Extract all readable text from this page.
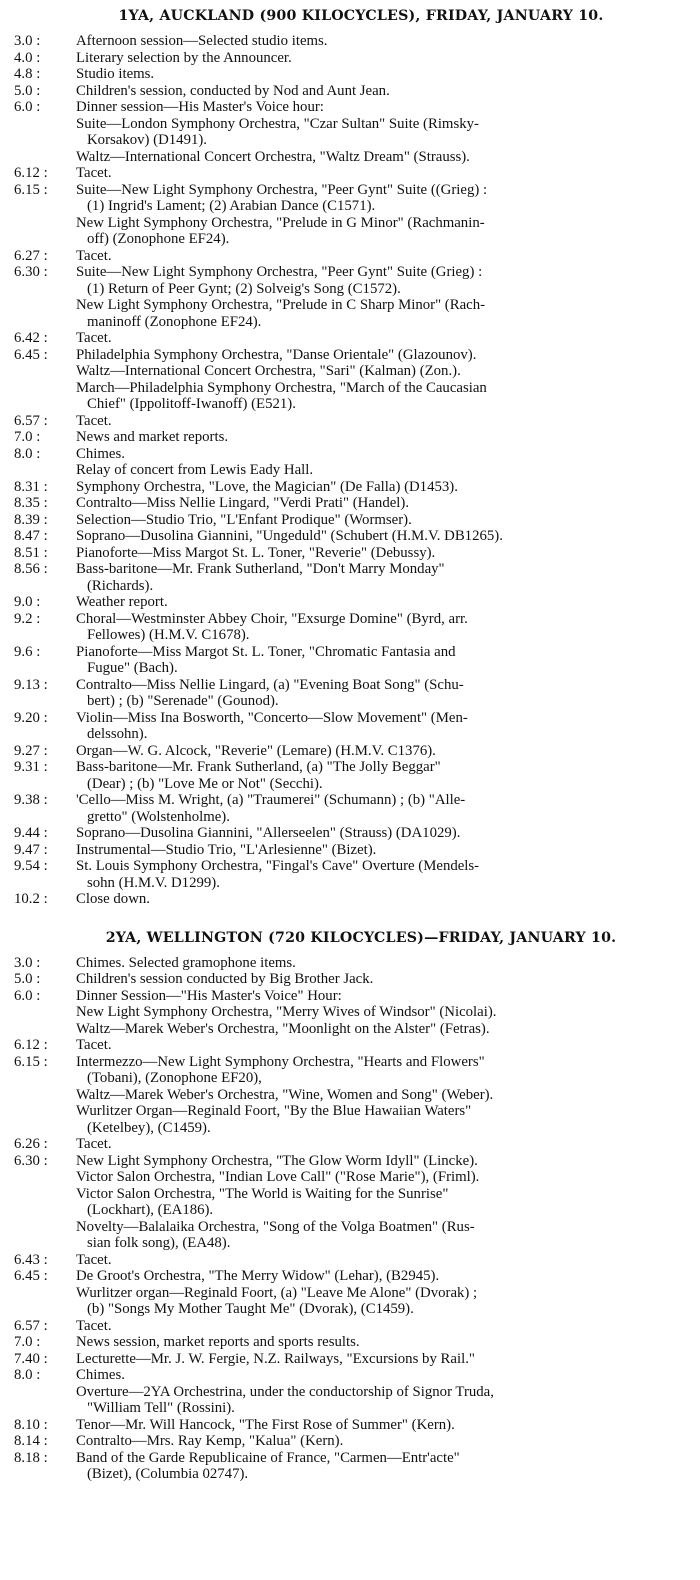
1YA, AUCKLAND (900 KILOCYCLES), FRIDAY, JANUARY 10.
3.0 :	Afternoon session—Selected studio items.
4.0 :	Literary selection by the Announcer.
4.8 :	Studio items.
5.0 :	Children's session, conducted by Nod and Aunt Jean.
6.0 :	Dinner session—His Master's Voice hour:
Suite—London Symphony Orchestra, "Czar Sultan" Suite (Rimsky-
Korsakov) (D1491).
Waltz—International Concert Orchestra, "Waltz Dream" (Strauss).
6.12 :	Tacet.
6.15 :	Suite—New Light Symphony Orchestra, "Peer Gynt" Suite ((Grieg) :
(1) Ingrid's Lament; (2) Arabian Dance (C1571).
New Light Symphony Orchestra, "Prelude in G Minor" (Rachmanin-
off) (Zonophone EF24).
6.27 :	Tacet.
6.30 :	Suite—New Light Symphony Orchestra, "Peer Gynt" Suite (Grieg) :
(1) Return of Peer Gynt; (2) Solveig's Song (C1572).
New Light Symphony Orchestra, "Prelude in C Sharp Minor" (Rach-
maninoff (Zonophone EF24).
6.42 :	Tacet.
6.45 :	Philadelphia Symphony Orchestra, "Danse Orientale" (Glazounov).
Waltz—International Concert Orchestra, "Sari" (Kalman) (Zon.).
March—Philadelphia Symphony Orchestra, "March of the Caucasian
Chief" (Ippolitoff-Iwanoff) (E521).
6.57 :	Tacet.
7.0 :	News and market reports.
8.0 :	Chimes.
Relay of concert from Lewis Eady Hall.
8.31 :	Symphony Orchestra, "Love, the Magician" (De Falla) (D1453).
8.35 :	Contralto—Miss Nellie Lingard, "Verdi Prati" (Handel).
8.39 :	Selection—Studio Trio, "L'Enfant Prodique" (Wormser).
8.47 :	Soprano—Dusolina Giannini, "Ungeduld" (Schubert (H.M.V. DB1265).
8.51 :	Pianoforte—Miss Margot St. L. Toner, "Reverie" (Debussy).
8.56 :	Bass-baritone—Mr. Frank Sutherland, "Don't Marry Monday"
(Richards).
9.0 :	Weather report.
9.2 :	Choral—Westminster Abbey Choir, "Exsurge Domine" (Byrd, arr.
Fellowes) (H.M.V. C1678).
9.6 :	Pianoforte—Miss Margot St. L. Toner, "Chromatic Fantasia and
Fugue" (Bach).
9.13 :	Contralto—Miss Nellie Lingard, (a) "Evening Boat Song" (Schu-
bert) ; (b) "Serenade" (Gounod).
9.20 :	Violin—Miss Ina Bosworth, "Concerto—Slow Movement" (Men-
delssohn).
9.27 :	Organ—W. G. Alcock, "Reverie" (Lemare) (H.M.V. C1376).
9.31 :	Bass-baritone—Mr. Frank Sutherland, (a) "The Jolly Beggar"
(Dear) ; (b) "Love Me or Not" (Secchi).
9.38 :	'Cello—Miss M. Wright, (a) "Traumerei" (Schumann) ; (b) "Alle-
gretto" (Wolstenholme).
9.44 :	Soprano—Dusolina Giannini, "Allerseelen" (Strauss) (DA1029).
9.47 :	Instrumental—Studio Trio, "L'Arlesienne" (Bizet).
9.54 :	St. Louis Symphony Orchestra, "Fingal's Cave" Overture (Mendels-
sohn (H.M.V. D1299).
10.2 :	Close down.
2YA, WELLINGTON (720 KILOCYCLES)—FRIDAY, JANUARY 10.
3.0 :	Chimes. Selected gramophone items.
5.0 :	Children's session conducted by Big Brother Jack.
6.0 :	Dinner Session—"His Master's Voice" Hour:
New Light Symphony Orchestra, "Merry Wives of Windsor" (Nicolai).
Waltz—Marek Weber's Orchestra, "Moonlight on the Alster" (Fetras).
6.12 :	Tacet.
6.15 :	Intermezzo—New Light Symphony Orchestra, "Hearts and Flowers"
(Tobani), (Zonophone EF20),
Waltz—Marek Weber's Orchestra, "Wine, Women and Song" (Weber).
Wurlitzer Organ—Reginald Foort, "By the Blue Hawaiian Waters"
(Ketelbey), (C1459).
6.26 :	Tacet.
6.30 :	New Light Symphony Orchestra, "The Glow Worm Idyll" (Lincke).
Victor Salon Orchestra, "Indian Love Call" ("Rose Marie"), (Friml).
Victor Salon Orchestra, "The World is Waiting for the Sunrise"
(Lockhart), (EA186).
Novelty—Balalaika Orchestra, "Song of the Volga Boatmen" (Rus-
sian folk song), (EA48).
6.43 :	Tacet.
6.45 :	De Groot's Orchestra, "The Merry Widow" (Lehar), (B2945).
Wurlitzer organ—Reginald Foort, (a) "Leave Me Alone" (Dvorak) ;
(b) "Songs My Mother Taught Me" (Dvorak), (C1459).
6.57 :	Tacet.
7.0 :	News session, market reports and sports results.
7.40 :	Lecturette—Mr. J. W. Fergie, N.Z. Railways, "Excursions by Rail."
8.0 :	Chimes.
Overture—2YA Orchestrina, under the conductorship of Signor Truda,
"William Tell" (Rossini).
8.10 :	Tenor—Mr. Will Hancock, "The First Rose of Summer" (Kern).
8.14 :	Contralto—Mrs. Ray Kemp, "Kalua" (Kern).
8.18 :	Band of the Garde Republicaine of France, "Carmen—Entr'acte"
(Bizet), (Columbia 02747).
